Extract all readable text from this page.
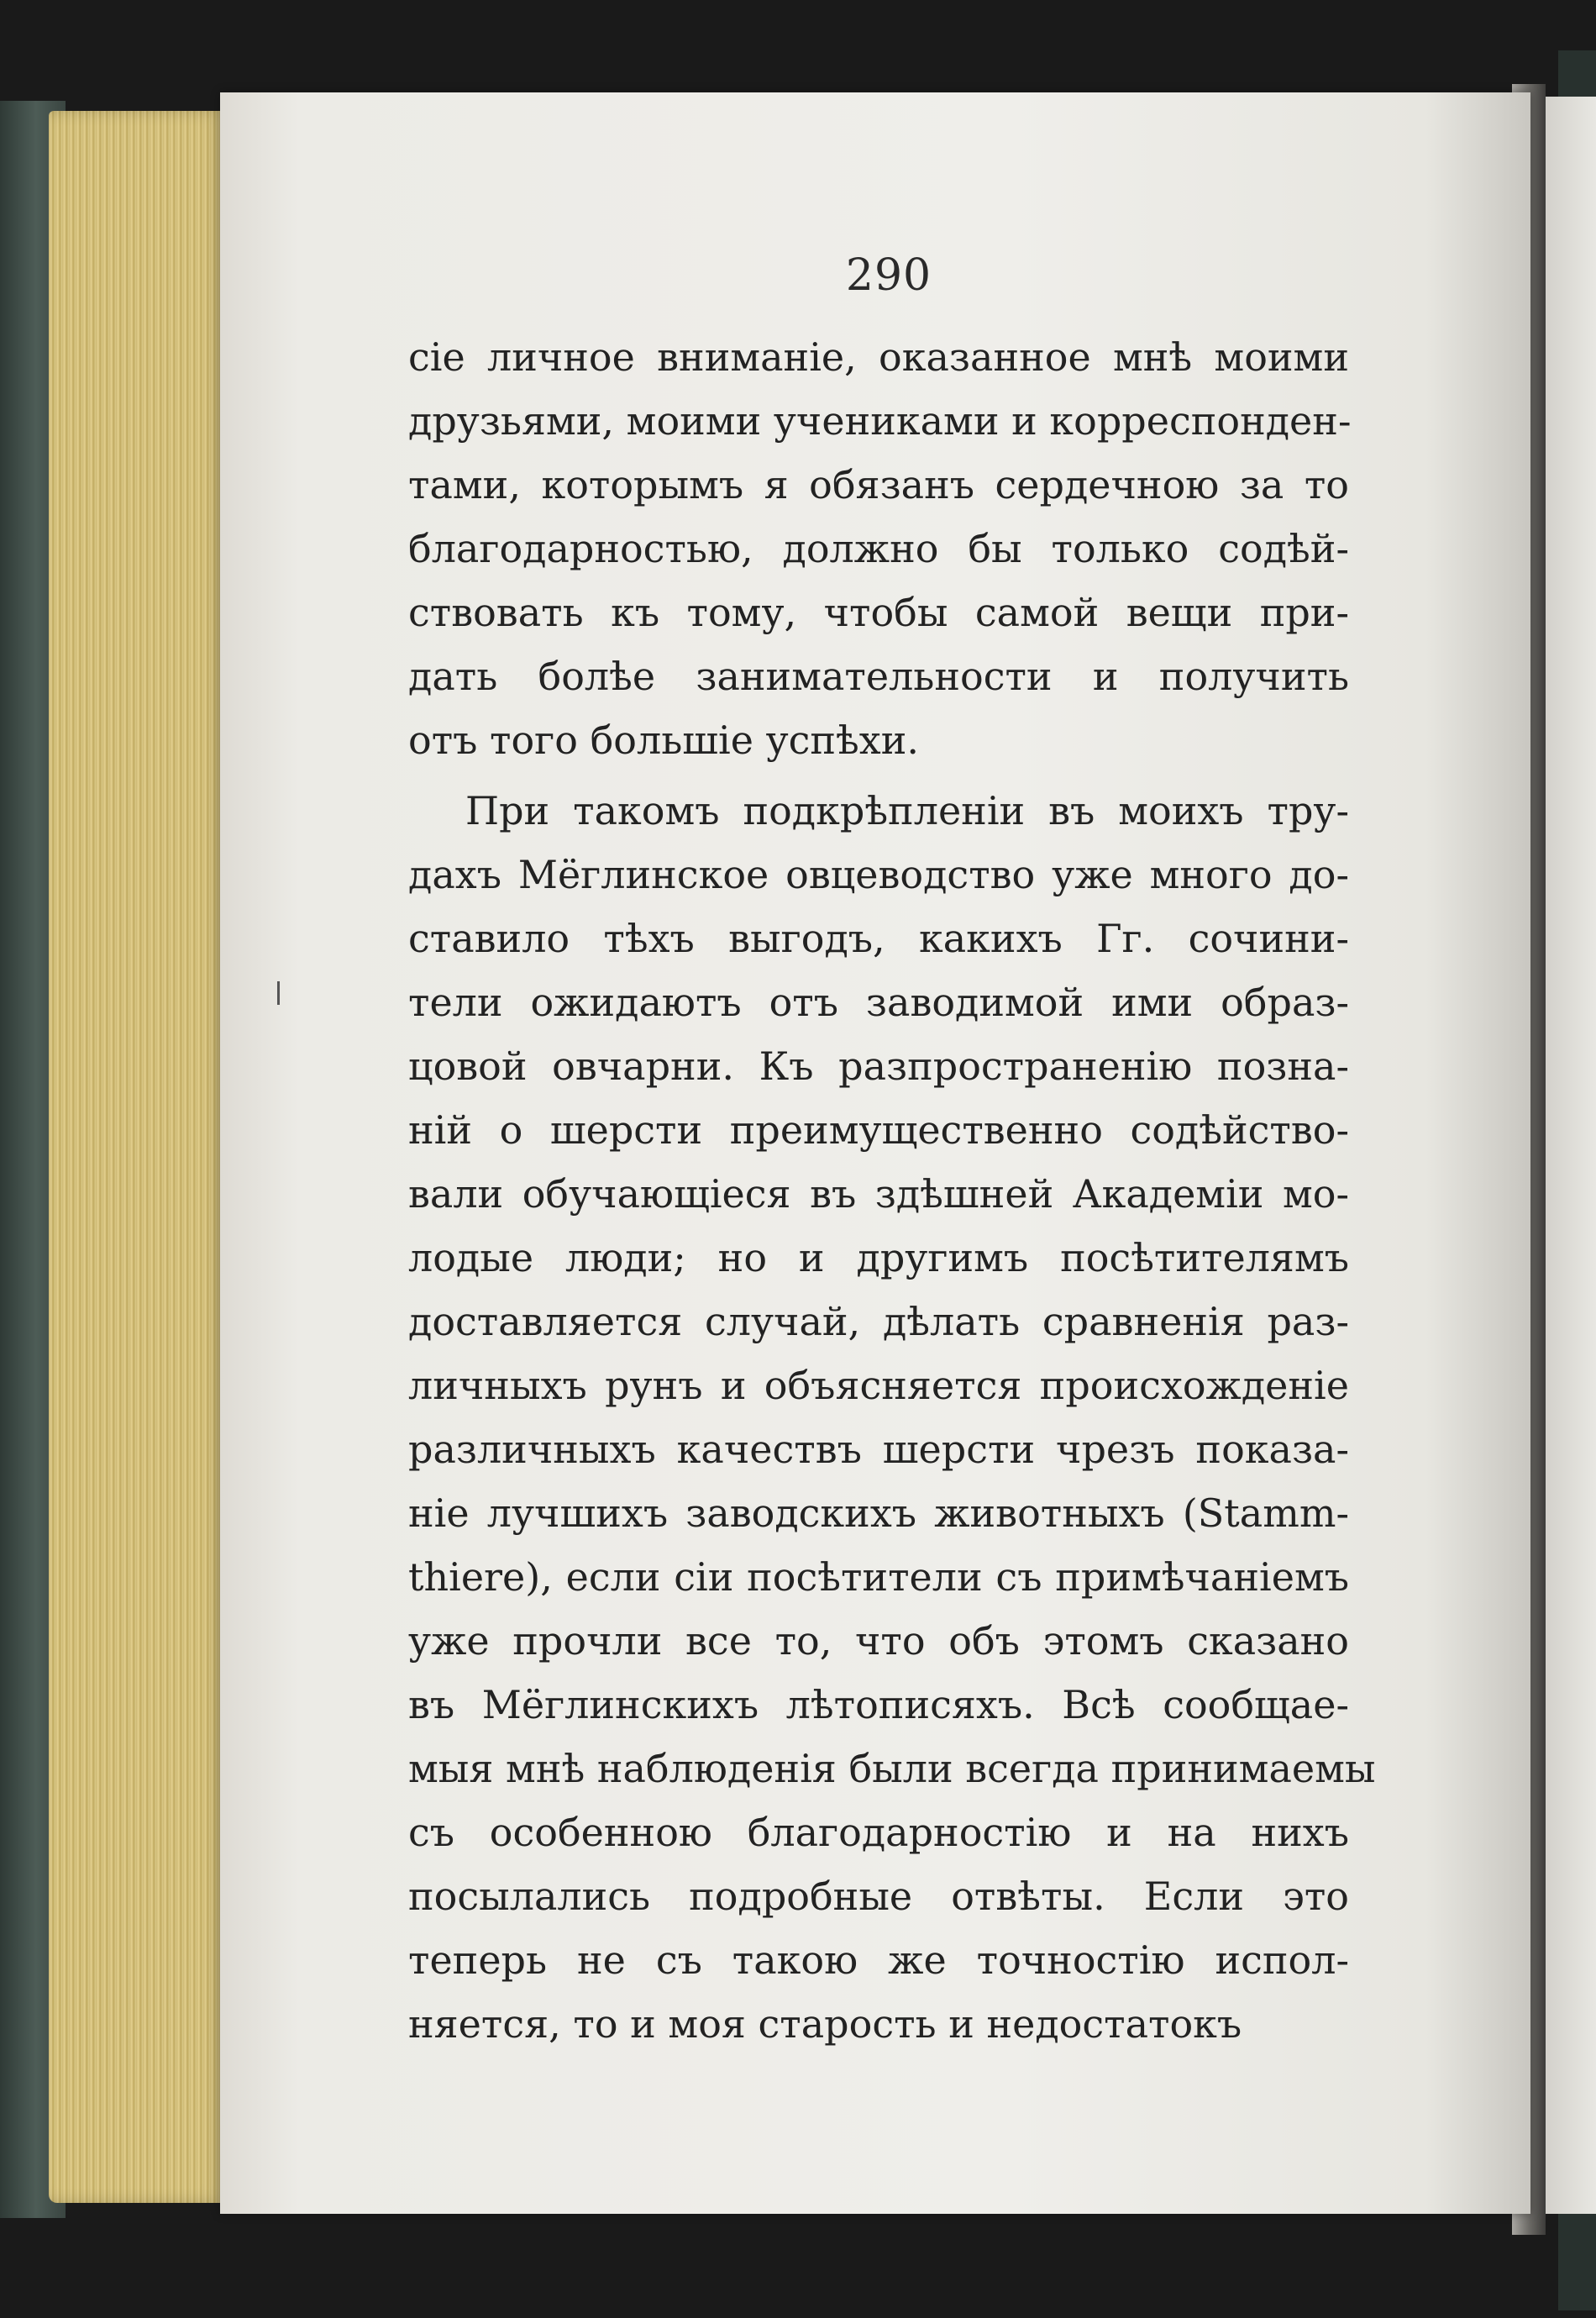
290
сіе личное вниманіе, оказанное мнѣ моими
друзьями, моими учениками и корреспонден-
тами, которымъ я обязанъ сердечною за то
благодарностью, должно бы только содѣй-
ствовать къ тому, чтобы самой вещи при-
дать болѣе занимательности и получить
отъ того большіе успѣхи.
При такомъ подкрѣпленіи въ моихъ тру-
дахъ Мёглинское овцеводство уже много до-
ставило тѣхъ выгодъ, какихъ Гг. сочини-
тели ожидаютъ отъ заводимой ими образ-
цовой овчарни. Къ разпространенію позна-
ній о шерсти преимущественно содѣйство-
вали обучающіеся въ здѣшней Академіи мо-
лодые люди; но и другимъ посѣтителямъ
доставляется случай, дѣлать сравненія раз-
личныхъ рунъ и объясняется происхожденіе
различныхъ качествъ шерсти чрезъ показа-
ніе лучшихъ заводскихъ животныхъ (Stamm-
thiere), если сіи посѣтители съ примѣчаніемъ
уже прочли все то, что объ этомъ сказано
въ Мёглинскихъ лѣтописяхъ. Всѣ сообщае-
мыя мнѣ наблюденія были всегда принимаемы
съ особенною благодарностію и на нихъ
посылались подробные отвѣты. Если это
теперь не съ такою же точностію испол-
няется, то и моя старость и недостатокъ
